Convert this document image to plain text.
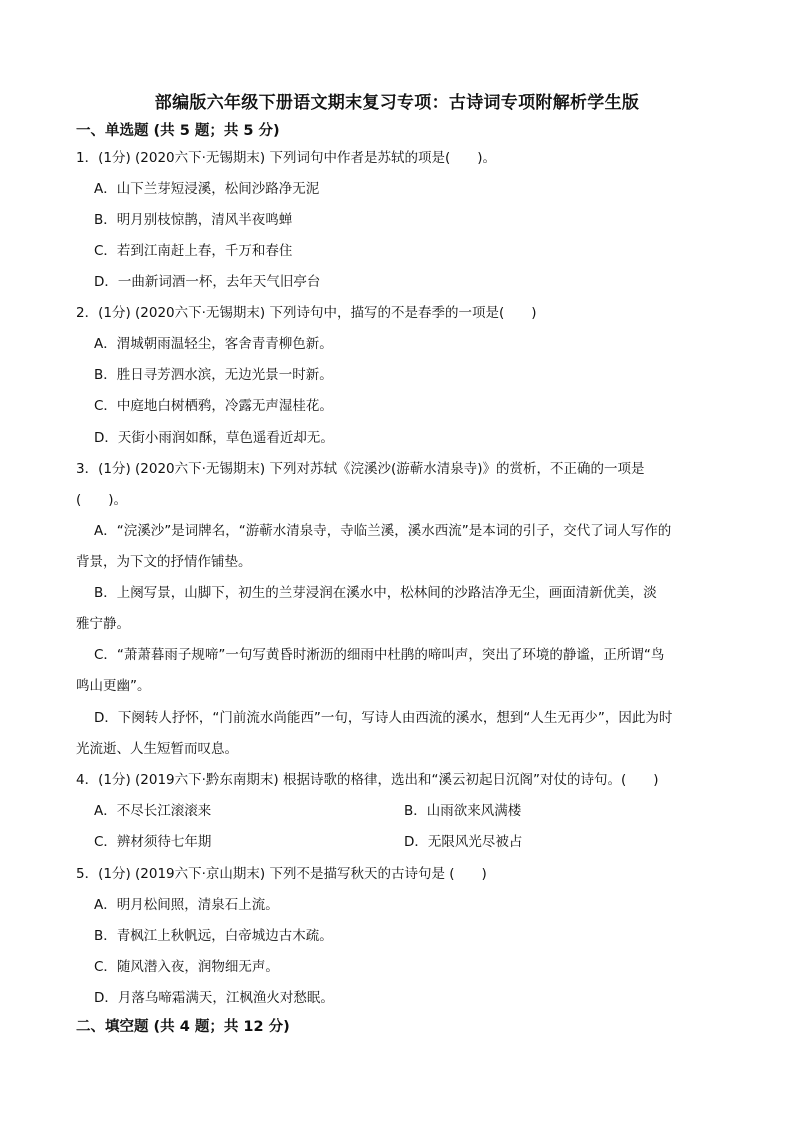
部编版六年级下册语文期末复习专项：古诗词专项附解析学生版
一、单选题 (共 5 题；共 5 分)
1．(1分) (2020六下·无锡期末) 下列词句中作者是苏轼的项是(　　)。
A．山下兰芽短浸溪，松间沙路净无泥
B．明月别枝惊鹊，清风半夜鸣蝉
C．若到江南赶上春，千万和春住
D．一曲新词酒一杯，去年天气旧亭台
2．(1分) (2020六下·无锡期末) 下列诗句中，描写的不是春季的一项是(　　)
A．渭城朝雨温轻尘，客舍青青柳色新。
B．胜日寻芳泗水滨，无边光景一时新。
C．中庭地白树栖鸦，冷露无声湿桂花。
D．天街小雨润如酥，草色遥看近却无。
3．(1分) (2020六下·无锡期末) 下列对苏轼《浣溪沙(游蕲水清泉寺)》的赏析，不正确的一项是
(　　)。
A．“浣溪沙”是词牌名，“游蕲水清泉寺，寺临兰溪，溪水西流”是本词的引子，交代了词人写作的
背景，为下文的抒情作铺垫。
B．上阕写景，山脚下，初生的兰芽浸润在溪水中，松林间的沙路洁净无尘，画面清新优美，淡
雅宁静。
C．“萧萧暮雨子规啼”一句写黄昏时淅沥的细雨中杜鹃的啼叫声，突出了环境的静谧，正所谓“鸟
鸣山更幽”。
D．下阕转人抒怀，“门前流水尚能西”一句，写诗人由西流的溪水，想到“人生无再少”，因此为时
光流逝、人生短暂而叹息。
4．(1分) (2019六下·黔东南期末) 根据诗歌的格律，选出和“溪云初起日沉阁”对仗的诗句。(　　)
A．不尽长江滚滚来	B．山雨欲来风满楼
C．辨材须待七年期	D．无限风光尽被占
5．(1分) (2019六下·京山期末) 下列不是描写秋天的古诗句是 (　　)
A．明月松间照，清泉石上流。
B．青枫江上秋帆远，白帝城边古木疏。
C．随风潜入夜，润物细无声。
D．月落乌啼霜满天，江枫渔火对愁眠。
二、填空题 (共 4 题；共 12 分)
